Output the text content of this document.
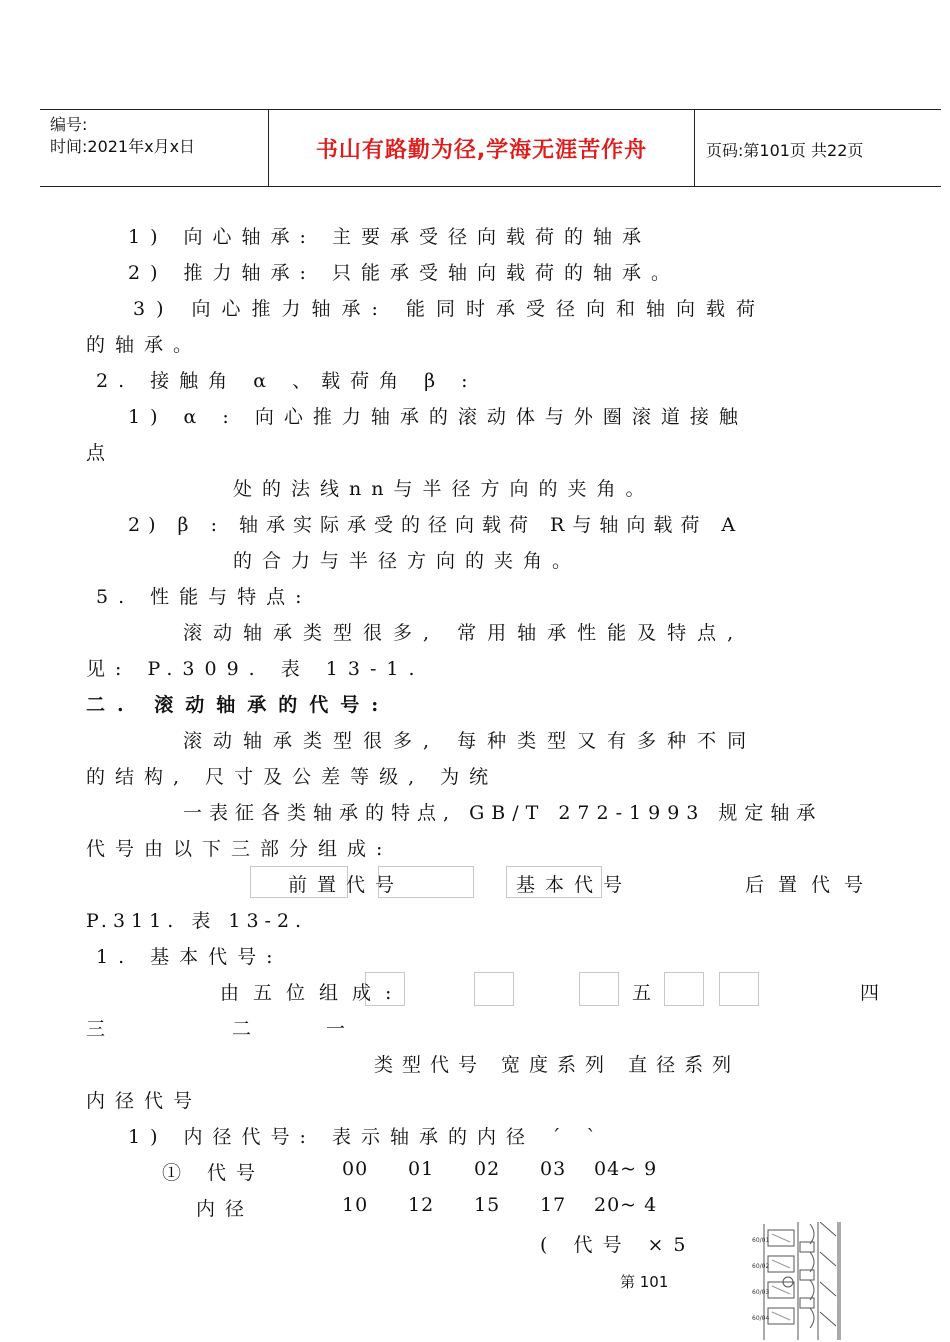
编号:
时间:2021年x月x日	书山有路勤为径,学海无涯苦作舟	页码:第101页 共22页
1) 向心轴承: 主要承受径向载荷的轴承
2) 推力轴承: 只能承受轴向载荷的轴承。
3) 向心推力轴承: 能同时承受径向和轴向载荷
的轴承。
2. 接触角 α 、载荷角 β :
1) α : 向心推力轴承的滚动体与外圈滚道接触
点
处的法线nn与半径方向的夹角。
2) β : 轴承实际承受的径向载荷 R与轴向载荷 A
的合力与半径方向的夹角。
5. 性能与特点:
滚动轴承类型很多, 常用轴承性能及特点,
见: P.309. 表 13-1.
二. 滚动轴承的代号:
滚动轴承类型很多, 每种类型又有多种不同
的结构, 尺寸及公差等级, 为统
一表征各类轴承的特点, GB/T 272-1993 规定轴承
代号由以下三部分组成:
前置代号	基本代号	后置代号
P.311. 表 13-2.
1. 基本代号:
由五位组成:	五	四
三	二	一
类型代号 宽度系列 直径系列
内径代号
1) 内径代号: 表示轴承的内径 ´ `
① 代号	00 01 02 03 04~ 9
内径	10 12 15 17 20~ 4
( 代号 ×5
第 101
60/01
60/02
60/03
60/04
